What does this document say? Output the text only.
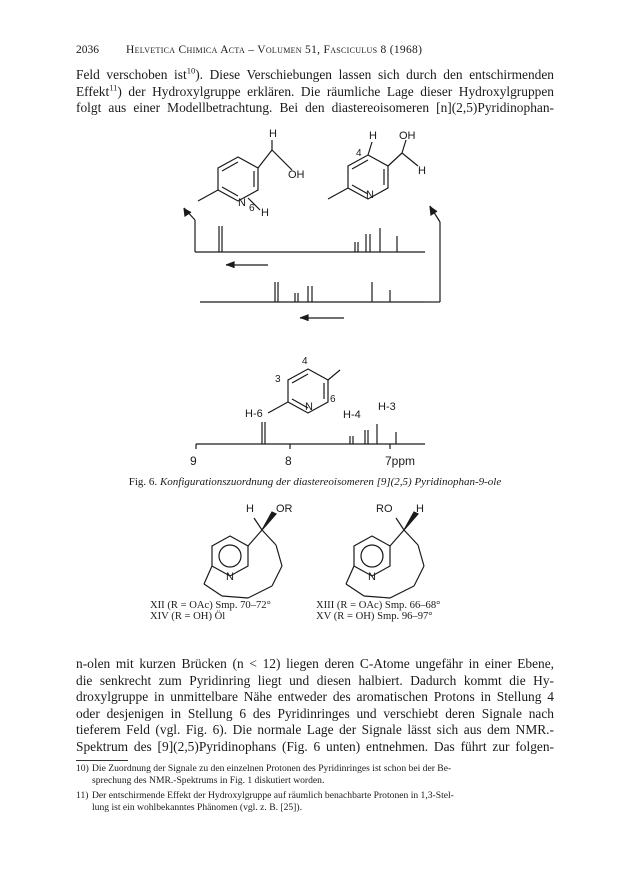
2036 Helvetica Chimica Acta – Volumen 51, Fasciculus 8 (1968)
Feld verschoben ist$^{10}$). Diese Verschiebungen lassen sich durch den entschirmenden
Effekt$^{11}$) der Hydroxylgruppe erklären. Die räumliche Lage dieser Hydroxylgruppen
folgt aus einer Modellbetrachtung. Bei den diastereoisomeren [n](2,5)Pyridinophan-
H
OH
N 6 H
H OH
4
H
N
4
3
6
N
H-6	H-4
H-3
9	8	7ppm
H OR
N
RO H
N
Fig. 6. Konfigurationszuordnung der diastereoisomeren [9](2,5) Pyridinophan-9-ole
XII (R = OAc) Smp. 70–72°
XIV (R = OH) Öl
XIII (R = OAc) Smp. 66–68°
XV (R = OH) Smp. 96–97°
n-olen mit kurzen Brücken (n < 12) liegen deren C-Atome ungefähr in einer Ebene,
die senkrecht zum Pyridinring liegt und diesen halbiert. Dadurch kommt die Hy-
droxylgruppe in unmittelbare Nähe entweder des aromatischen Protons in Stellung 4
oder desjenigen in Stellung 6 des Pyridinringes und verschiebt deren Signale nach
tieferem Feld (vgl. Fig. 6). Die normale Lage der Signale lässt sich aus dem NMR.-
Spektrum des [9](2,5)Pyridinophans (Fig. 6 unten) entnehmen. Das führt zur folgen-
10) Die Zuordnung der Signale zu den einzelnen Protonen des Pyridinringes ist schon bei der Be-
sprechung des NMR.-Spektrums in Fig. 1 diskutiert worden.
11) Der entschirmende Effekt der Hydroxylgruppe auf räumlich benachbarte Protonen in 1,3-Stel-
lung ist ein wohlbekanntes Phänomen (vgl. z. B. [25]).
